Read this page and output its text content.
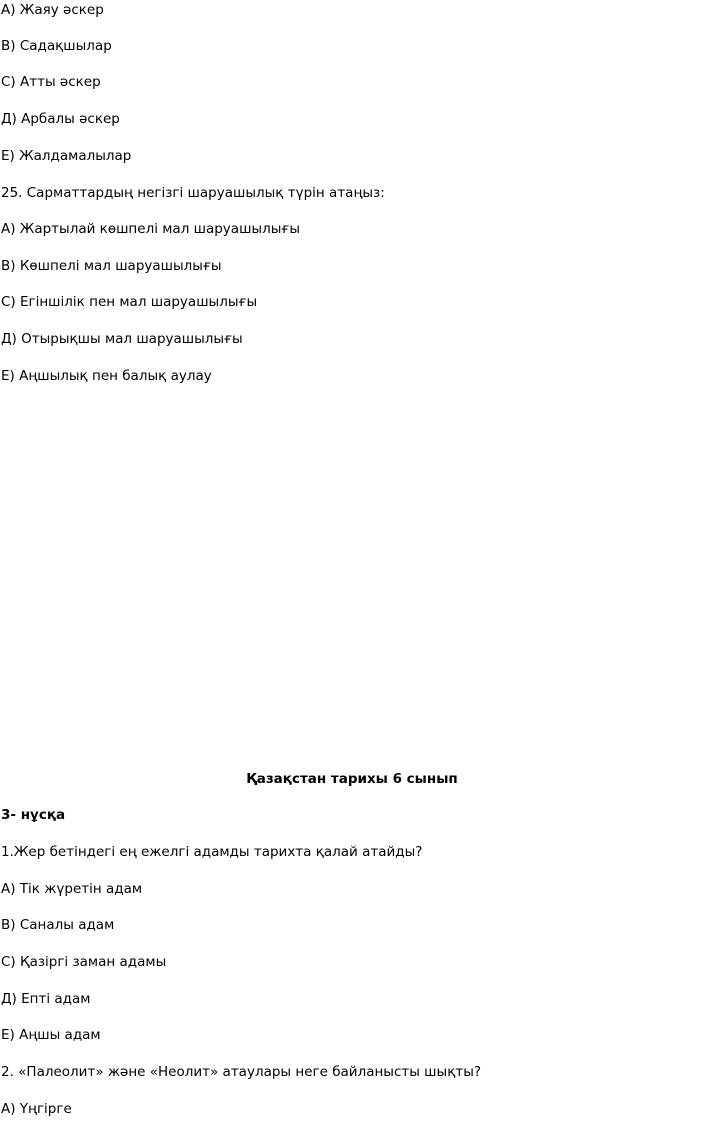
А) Жаяу әскер
В) Садақшылар
С) Атты әскер
Д) Арбалы әскер
Е) Жалдамалылар
25. Сарматтардың негізгі шаруашылық түрін атаңыз:
А) Жартылай көшпелі мал шаруашылығы
В) Көшпелі мал шаруашылығы
С) Егіншілік пен мал шаруашылығы
Д) Отырықшы мал шаруашылығы
Е) Аңшылық пен балық аулау
Қазақстан тарихы 6 сынып
3- нұсқа
1.Жер бетіндегі ең ежелгі адамды тарихта қалай атайды?
А) Тік жүретін адам
В) Саналы адам
С) Қазіргі заман адамы
Д) Епті адам
Е) Аңшы адам
2. «Палеолит» және «Неолит» атаулары неге байланысты шықты?
А) Үңгірге
